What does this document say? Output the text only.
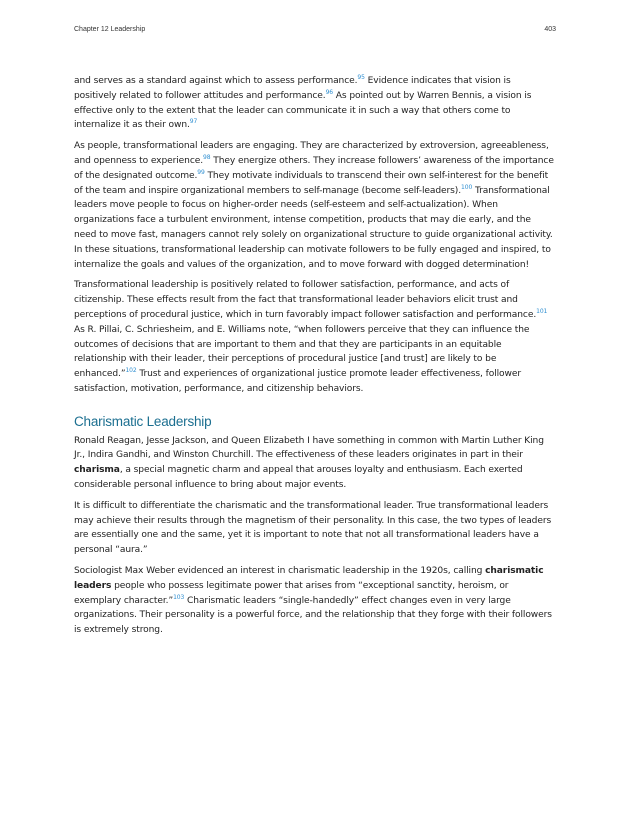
Chapter 12 Leadership	403

and serves as a standard against which to assess performance.$^{95}$ Evidence indicates that vision is positively related to follower attitudes and performance.$^{96}$ As pointed out by Warren Bennis, a vision is effective only to the extent that the leader can communicate it in such a way that others come to internalize it as their own.$^{97}$

As people, transformational leaders are engaging. They are characterized by extroversion, agreeableness, and openness to experience.$^{98}$ They energize others. They increase followers’ awareness of the importance of the designated outcome.$^{99}$ They motivate individuals to transcend their own self-interest for the benefit of the team and inspire organizational members to self-manage (become self-leaders).$^{100}$ Transformational leaders move people to focus on higher-order needs (self-esteem and self-actualization). When organizations face a turbulent environment, intense competition, products that may die early, and the need to move fast, managers cannot rely solely on organizational structure to guide organizational activity. In these situations, transformational leadership can motivate followers to be fully engaged and inspired, to internalize the goals and values of the organization, and to move forward with dogged determination!

Transformational leadership is positively related to follower satisfaction, performance, and acts of citizenship. These effects result from the fact that transformational leader behaviors elicit trust and perceptions of procedural justice, which in turn favorably impact follower satisfaction and performance.$^{101}$ As R. Pillai, C. Schriesheim, and E. Williams note, “when followers perceive that they can influence the outcomes of decisions that are important to them and that they are participants in an equitable relationship with their leader, their perceptions of procedural justice [and trust] are likely to be enhanced.”$^{102}$ Trust and experiences of organizational justice promote leader effectiveness, follower satisfaction, motivation, performance, and citizenship behaviors.

Charismatic Leadership

Ronald Reagan, Jesse Jackson, and Queen Elizabeth I have something in common with Martin Luther King Jr., Indira Gandhi, and Winston Churchill. The effectiveness of these leaders originates in part in their charisma, a special magnetic charm and appeal that arouses loyalty and enthusiasm. Each exerted considerable personal influence to bring about major events.

It is difficult to differentiate the charismatic and the transformational leader. True transformational leaders may achieve their results through the magnetism of their personality. In this case, the two types of leaders are essentially one and the same, yet it is important to note that not all transformational leaders have a personal “aura.”

Sociologist Max Weber evidenced an interest in charismatic leadership in the 1920s, calling charismatic leaders people who possess legitimate power that arises from “exceptional sanctity, heroism, or exemplary character.”$^{103}$ Charismatic leaders “single-handedly” effect changes even in very large organizations. Their personality is a powerful force, and the relationship that they forge with their followers is extremely strong.
